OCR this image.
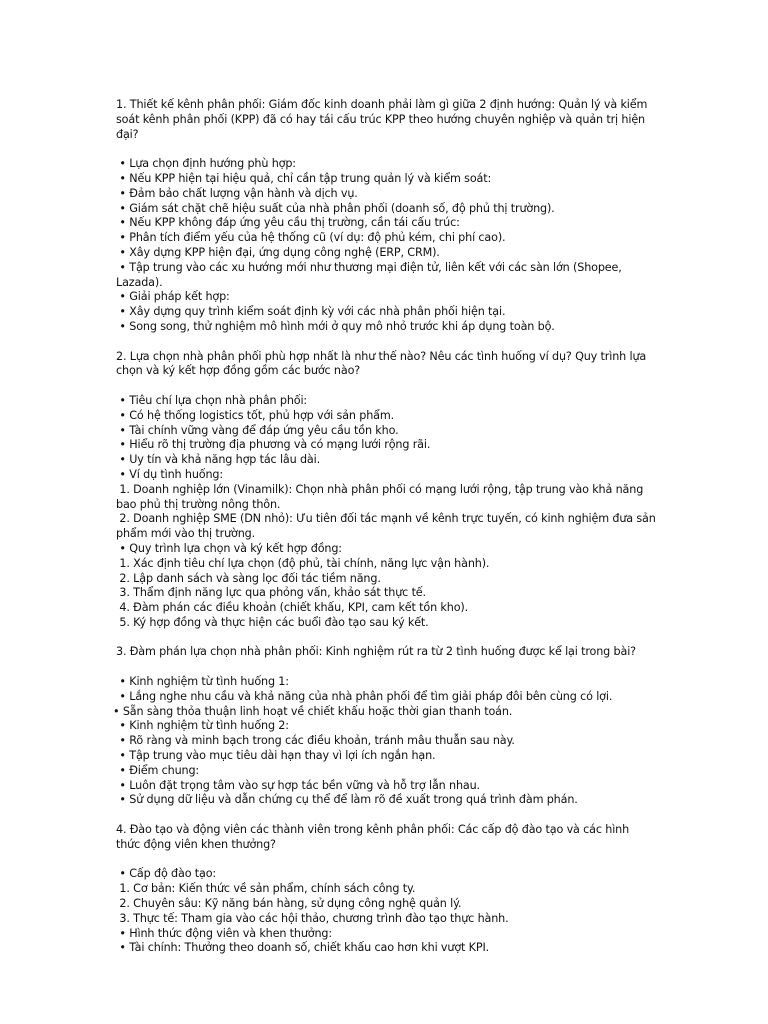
1. Thiết kế kênh phân phối: Giám đốc kinh doanh phải làm gì giữa 2 định hướng: Quản lý và kiểm soát kênh phân phối (KPP) đã có hay tái cấu trúc KPP theo hướng chuyên nghiệp và quản trị hiện đại?

• Lựa chọn định hướng phù hợp:

• Nếu KPP hiện tại hiệu quả, chỉ cần tập trung quản lý và kiểm soát:

• Đảm bảo chất lượng vận hành và dịch vụ.

• Giám sát chặt chẽ hiệu suất của nhà phân phối (doanh số, độ phủ thị trường).

• Nếu KPP không đáp ứng yêu cầu thị trường, cần tái cấu trúc:

• Phân tích điểm yếu của hệ thống cũ (ví dụ: độ phủ kém, chi phí cao).

• Xây dựng KPP hiện đại, ứng dụng công nghệ (ERP, CRM).

• Tập trung vào các xu hướng mới như thương mại điện tử, liên kết với các sàn lớn (Shopee, Lazada).

• Giải pháp kết hợp:

• Xây dựng quy trình kiểm soát định kỳ với các nhà phân phối hiện tại.

• Song song, thử nghiệm mô hình mới ở quy mô nhỏ trước khi áp dụng toàn bộ.

2. Lựa chọn nhà phân phối phù hợp nhất là như thế nào? Nêu các tình huống ví dụ? Quy trình lựa chọn và ký kết hợp đồng gồm các bước nào?

• Tiêu chí lựa chọn nhà phân phối:

• Có hệ thống logistics tốt, phủ hợp với sản phẩm.

• Tài chính vững vàng để đáp ứng yêu cầu tồn kho.

• Hiểu rõ thị trường địa phương và có mạng lưới rộng rãi.

• Uy tín và khả năng hợp tác lâu dài.

• Ví dụ tình huống:

1. Doanh nghiệp lớn (Vinamilk): Chọn nhà phân phối có mạng lưới rộng, tập trung vào khả năng bao phủ thị trường nông thôn.

2. Doanh nghiệp SME (DN nhỏ): Ưu tiên đối tác mạnh về kênh trực tuyến, có kinh nghiệm đưa sản phẩm mới vào thị trường.

• Quy trình lựa chọn và ký kết hợp đồng:

1. Xác định tiêu chí lựa chọn (độ phủ, tài chính, năng lực vận hành).

2. Lập danh sách và sàng lọc đối tác tiềm năng.

3. Thẩm định năng lực qua phỏng vấn, khảo sát thực tế.

4. Đàm phán các điều khoản (chiết khấu, KPI, cam kết tồn kho).

5. Ký hợp đồng và thực hiện các buổi đào tạo sau ký kết.

3. Đàm phán lựa chọn nhà phân phối: Kinh nghiệm rút ra từ 2 tình huống được kể lại trong bài?

• Kinh nghiệm từ tình huống 1:

• Lắng nghe nhu cầu và khả năng của nhà phân phối để tìm giải pháp đôi bên cùng có lợi.

• Sẵn sàng thỏa thuận linh hoạt về chiết khấu hoặc thời gian thanh toán.

• Kinh nghiệm từ tình huống 2:

• Rõ ràng và minh bạch trong các điều khoản, tránh mâu thuẫn sau này.

• Tập trung vào mục tiêu dài hạn thay vì lợi ích ngắn hạn.

• Điểm chung:

• Luôn đặt trọng tâm vào sự hợp tác bền vững và hỗ trợ lẫn nhau.

• Sử dụng dữ liệu và dẫn chứng cụ thể để làm rõ đề xuất trong quá trình đàm phán.

4. Đào tạo và động viên các thành viên trong kênh phân phối: Các cấp độ đào tạo và các hình thức động viên khen thưởng?

• Cấp độ đào tạo:

1. Cơ bản: Kiến thức về sản phẩm, chính sách công ty.

2. Chuyên sâu: Kỹ năng bán hàng, sử dụng công nghệ quản lý.

3. Thực tế: Tham gia vào các hội thảo, chương trình đào tạo thực hành.

• Hình thức động viên và khen thưởng:

• Tài chính: Thưởng theo doanh số, chiết khấu cao hơn khi vượt KPI.
